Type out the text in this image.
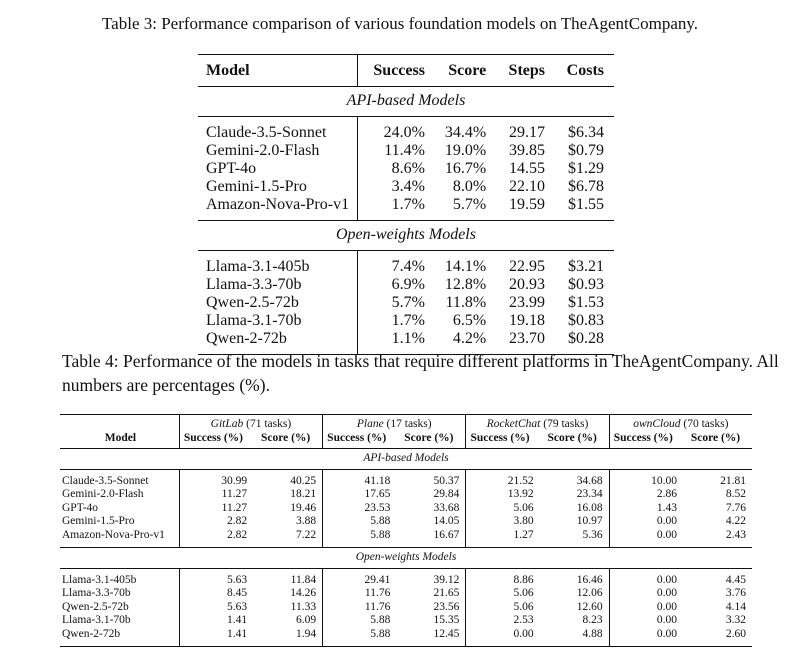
Table 3: Performance comparison of various foundation models on TheAgentCompany.
Model	Success	Score	Steps	Costs
API-based Models				
Claude-3.5-Sonnet	24.0%	34.4%	29.17	$6.34
Gemini-2.0-Flash	11.4%	19.0%	39.85	$0.79
GPT-4o	8.6%	16.7%	14.55	$1.29
Gemini-1.5-Pro	3.4%	8.0%	22.10	$6.78
Amazon-Nova-Pro-v1	1.7%	5.7%	19.59	$1.55
Open-weights Models				
Llama-3.1-405b	7.4%	14.1%	22.95	$3.21
Llama-3.3-70b	6.9%	12.8%	20.93	$0.93
Qwen-2.5-72b	5.7%	11.8%	23.99	$1.53
Llama-3.1-70b	1.7%	6.5%	19.18	$0.83
Qwen-2-72b	1.1%	4.2%	23.70	$0.28
Table 4: Performance of the models in tasks that require different platforms in TheAgentCompany. All numbers are percentages (%).
	GitLab (71 tasks)		Plane (17 tasks)		RocketChat (79 tasks)		ownCloud (70 tasks)	
Model	Success (%)	Score (%)	Success (%)	Score (%)	Success (%)	Score (%)	Success (%)	Score (%)
API-based Models								
Claude-3.5-Sonnet	30.99	40.25	41.18	50.37	21.52	34.68	10.00	21.81
Gemini-2.0-Flash	11.27	18.21	17.65	29.84	13.92	23.34	2.86	8.52
GPT-4o	11.27	19.46	23.53	33.68	5.06	16.08	1.43	7.76
Gemini-1.5-Pro	2.82	3.88	5.88	14.05	3.80	10.97	0.00	4.22
Amazon-Nova-Pro-v1	2.82	7.22	5.88	16.67	1.27	5.36	0.00	2.43
Open-weights Models								
Llama-3.1-405b	5.63	11.84	29.41	39.12	8.86	16.46	0.00	4.45
Llama-3.3-70b	8.45	14.26	11.76	21.65	5.06	12.06	0.00	3.76
Qwen-2.5-72b	5.63	11.33	11.76	23.56	5.06	12.60	0.00	4.14
Llama-3.1-70b	1.41	6.09	5.88	15.35	2.53	8.23	0.00	3.32
Qwen-2-72b	1.41	1.94	5.88	12.45	0.00	4.88	0.00	2.60
